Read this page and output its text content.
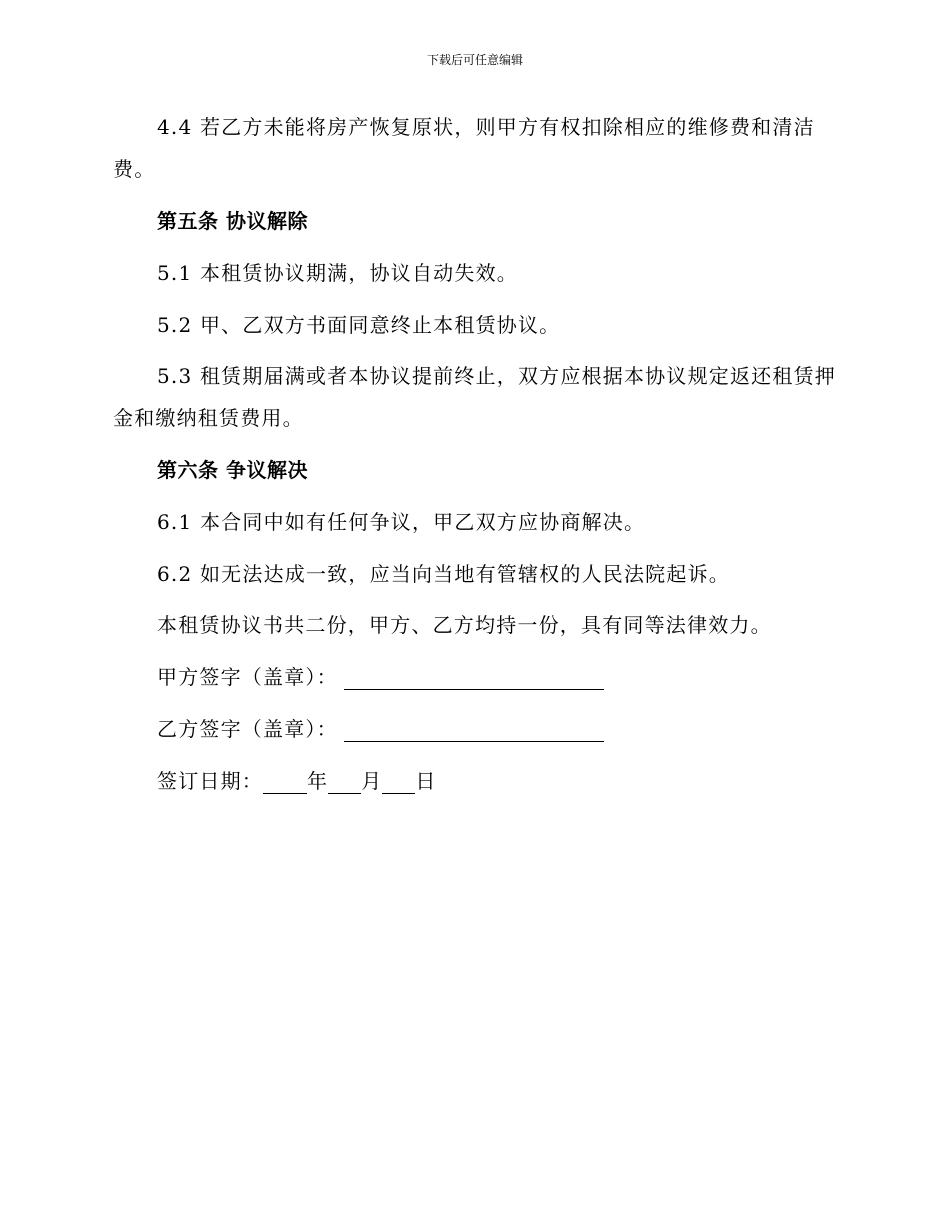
下载后可任意编辑

4.4 若乙方未能将房产恢复原状，则甲方有权扣除相应的维修费和清洁费。

第五条 协议解除
5.1 本租赁协议期满，协议自动失效。
5.2 甲、乙双方书面同意终止本租赁协议。

5.3 租赁期届满或者本协议提前终止，双方应根据本协议规定返还租赁押金和缴纳租赁费用。

第六条 争议解决
6.1 本合同中如有任何争议，甲乙双方应协商解决。
6.2 如无法达成一致，应当向当地有管辖权的人民法院起诉。
本租赁协议书共二份，甲方、乙方均持一份，具有同等法律效力。
甲方签字（盖章）：
乙方签字（盖章）：
签订日期： 年 月 日
